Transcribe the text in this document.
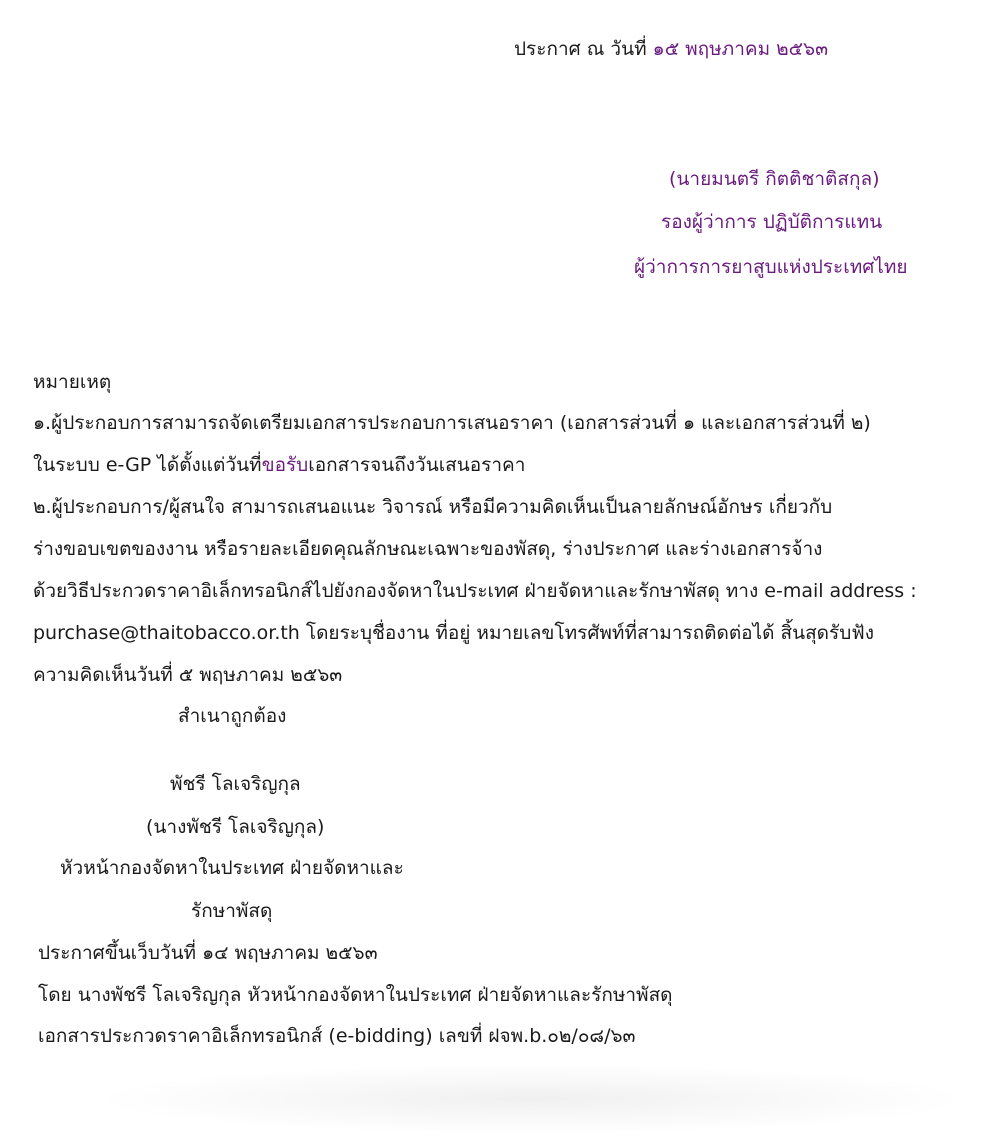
ประกาศ ณ วันที่ ๑๕ พฤษภาคม ๒๕๖๓
(นายมนตรี กิตติชาติสกุล)
รองผู้ว่าการ ปฏิบัติการแทน
ผู้ว่าการการยาสูบแห่งประเทศไทย
หมายเหตุ
๑.ผู้ประกอบการสามารถจัดเตรียมเอกสารประกอบการเสนอราคา (เอกสารส่วนที่ ๑ และเอกสารส่วนที่ ๒)
ในระบบ e-GP ได้ตั้งแต่วันที่ขอรับเอกสารจนถึงวันเสนอราคา
๒.ผู้ประกอบการ/ผู้สนใจ สามารถเสนอแนะ วิจารณ์ หรือมีความคิดเห็นเป็นลายลักษณ์อักษร เกี่ยวกับ
ร่างขอบเขตของงาน หรือรายละเอียดคุณลักษณะเฉพาะของพัสดุ, ร่างประกาศ และร่างเอกสารจ้าง
ด้วยวิธีประกวดราคาอิเล็กทรอนิกส์ไปยังกองจัดหาในประเทศ ฝ่ายจัดหาและรักษาพัสดุ ทาง e-mail address :
purchase@thaitobacco.or.th โดยระบุชื่องาน ที่อยู่ หมายเลขโทรศัพท์ที่สามารถติดต่อได้ สิ้นสุดรับฟัง
ความคิดเห็นวันที่ ๕ พฤษภาคม ๒๕๖๓
สำเนาถูกต้อง
พัชรี โลเจริญกุล
(นางพัชรี โลเจริญกุล)
หัวหน้ากองจัดหาในประเทศ ฝ่ายจัดหาและ
รักษาพัสดุ
ประกาศขึ้นเว็บวันที่ ๑๔ พฤษภาคม ๒๕๖๓
โดย นางพัชรี โลเจริญกุล หัวหน้ากองจัดหาในประเทศ ฝ่ายจัดหาและรักษาพัสดุ
เอกสารประกวดราคาอิเล็กทรอนิกส์ (e-bidding) เลขที่ ฝจพ.b.๐๒/๐๘/๖๓
